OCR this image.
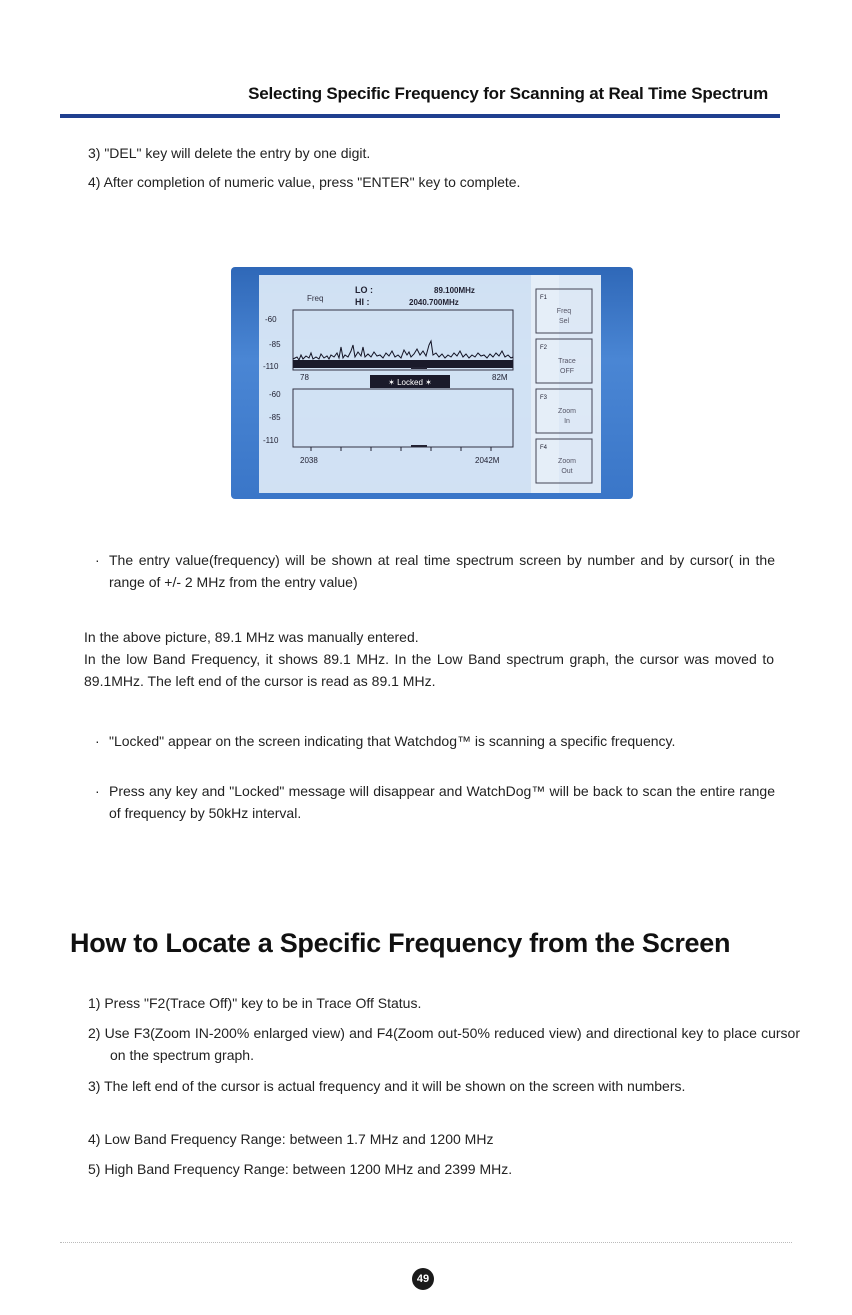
Selecting Specific Frequency for Scanning at Real Time Spectrum
3) "DEL" key will delete the entry by one digit.
4) After completion of numeric value, press "ENTER" key to complete.
Freq
LO :
HI :
89.100MHz
2040.700MHz
-60
-85
-110
-60
-85
-110
78	82M
2038	2042M
✶ Locked ✶
F1
Freq
Sel
F2
Trace
OFF
F3
Zoom
In
F4
Zoom
Out
· The entry value(frequency) will be shown at real time spectrum screen by number and by cursor( in the range of +/- 2 MHz from the entry value)
In the above picture, 89.1 MHz was manually entered.
In the low Band Frequency, it shows 89.1 MHz. In the Low Band spectrum graph, the cursor was moved to 89.1MHz. The left end of the cursor is read as 89.1 MHz.
· "Locked" appear on the screen indicating that Watchdog™ is scanning a specific frequency.
· Press any key and "Locked" message will disappear and WatchDog™ will be back to scan the entire range of frequency by 50kHz interval.
How to Locate a Specific Frequency from the Screen
1) Press "F2(Trace Off)" key to be in Trace Off Status.
2) Use F3(Zoom IN-200% enlarged view) and F4(Zoom out-50% reduced view) and directional key to place cursor on the spectrum graph.
3) The left end of the cursor is actual frequency and it will be shown on the screen with numbers.
4) Low Band Frequency Range: between 1.7 MHz and 1200 MHz
5) High Band Frequency Range: between 1200 MHz and 2399 MHz.
49
